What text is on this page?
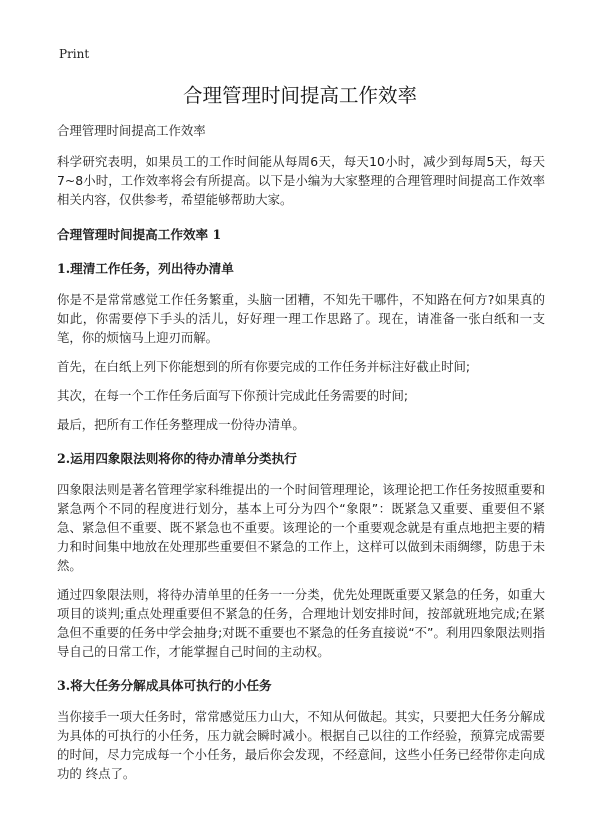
Print
合理管理时间提高工作效率

合理管理时间提高工作效率

科学研究表明，如果员工的工作时间能从每周6天，每天10小时，减少到每周5天，每天7~8小时，工作效率将会有所提高。以下是小编为大家整理的合理管理时间提高工作效率相关内容，仅供参考，希望能够帮助大家。

合理管理时间提高工作效率 1
1.理清工作任务，列出待办清单

你是不是常常感觉工作任务繁重，头脑一团糟，不知先干哪件，不知路在何方?如果真的如此，你需要停下手头的活儿，好好理一理工作思路了。现在，请准备一张白纸和一支笔，你的烦恼马上迎刃而解。

首先，在白纸上列下你能想到的所有你要完成的工作任务并标注好截止时间;

其次，在每一个工作任务后面写下你预计完成此任务需要的时间;

最后，把所有工作任务整理成一份待办清单。

2.运用四象限法则将你的待办清单分类执行

四象限法则是著名管理学家科维提出的一个时间管理理论，该理论把工作任务按照重要和紧急两个不同的程度进行划分，基本上可分为四个“象限”：既紧急又重要、重要但不紧急、紧急但不重要、既不紧急也不重要。该理论的一个重要观念就是有重点地把主要的精力和时间集中地放在处理那些重要但不紧急的工作上，这样可以做到未雨绸缪，防患于未然。

通过四象限法则，将待办清单里的任务一一分类，优先处理既重要又紧急的任务，如重大项目的谈判;重点处理重要但不紧急的任务，合理地计划安排时间，按部就班地完成;在紧急但不重要的任务中学会抽身;对既不重要也不紧急的任务直接说“不”。利用四象限法则指导自己的日常工作，才能掌握自己时间的主动权。

3.将大任务分解成具体可执行的小任务

当你接手一项大任务时，常常感觉压力山大，不知从何做起。其实，只要把大任务分解成为具体的可执行的小任务，压力就会瞬时减小。根据自己以往的工作经验，预算完成需要的时间，尽力完成每一个小任务，最后你会发现，不经意间，这些小任务已经带你走向成功的 终点了。
